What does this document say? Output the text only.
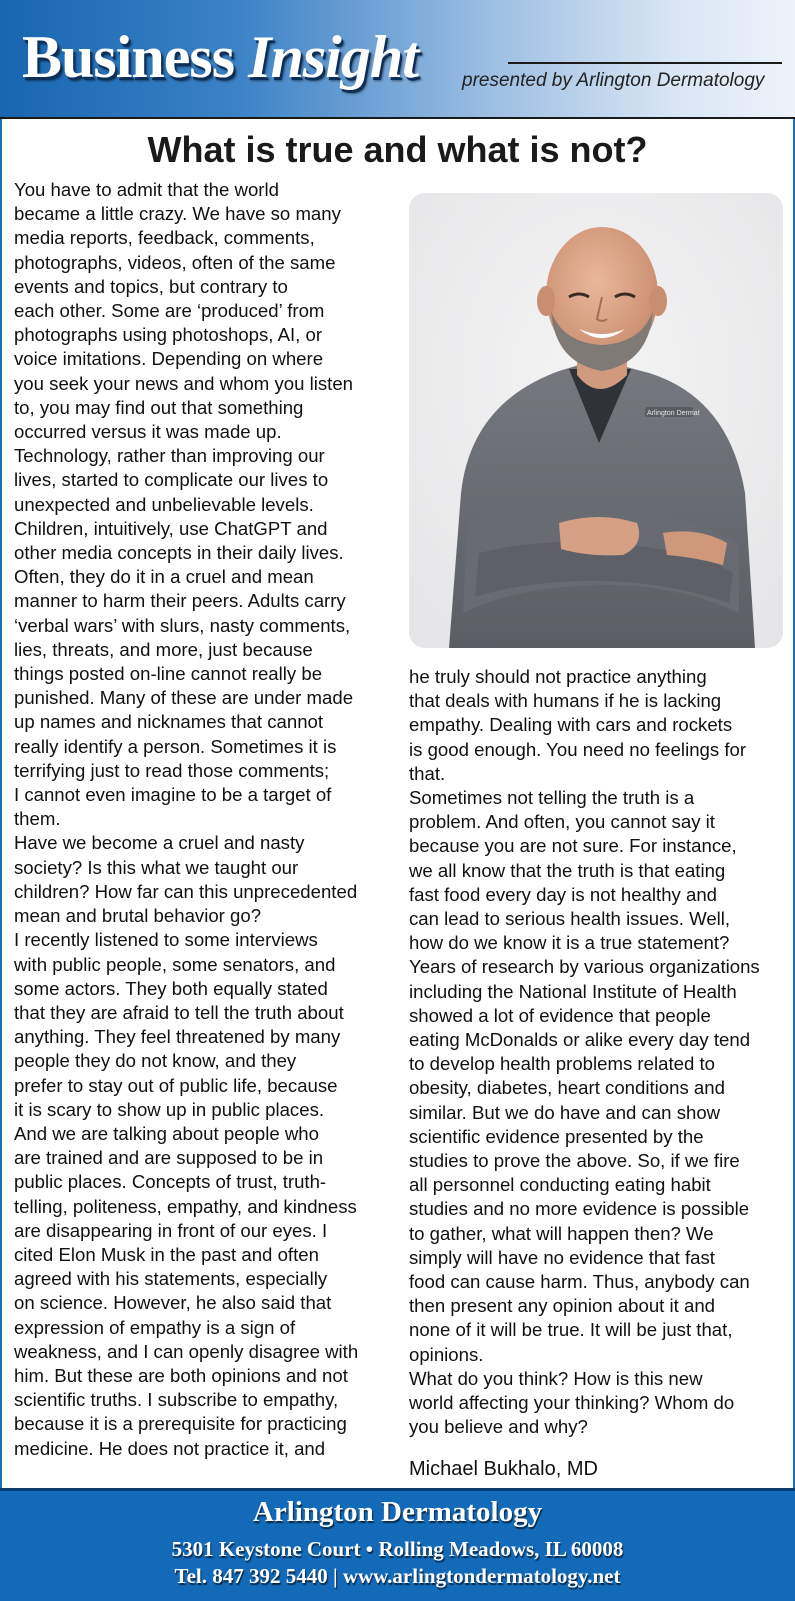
Business Insight presented by Arlington Dermatology
What is true and what is not?
You have to admit that the world
became a little crazy. We have so many
media reports, feedback, comments,
photographs, videos, often of the same
events and topics, but contrary to
each other. Some are ‘produced’ from
photographs using photoshops, AI, or
voice imitations. Depending on where
you seek your news and whom you listen
to, you may find out that something
occurred versus it was made up.
Technology, rather than improving our
lives, started to complicate our lives to
unexpected and unbelievable levels.
Children, intuitively, use ChatGPT and
other media concepts in their daily lives.
Often, they do it in a cruel and mean
manner to harm their peers. Adults carry
‘verbal wars’ with slurs, nasty comments,
lies, threats, and more, just because
things posted on-line cannot really be
punished. Many of these are under made
up names and nicknames that cannot
really identify a person. Sometimes it is
terrifying just to read those comments;
I cannot even imagine to be a target of
them.
Have we become a cruel and nasty
society? Is this what we taught our
children? How far can this unprecedented
mean and brutal behavior go?
I recently listened to some interviews
with public people, some senators, and
some actors. They both equally stated
that they are afraid to tell the truth about
anything. They feel threatened by many
people they do not know, and they
prefer to stay out of public life, because
it is scary to show up in public places.
And we are talking about people who
are trained and are supposed to be in
public places. Concepts of trust, truth-
telling, politeness, empathy, and kindness
are disappearing in front of our eyes. I
cited Elon Musk in the past and often
agreed with his statements, especially
on science. However, he also said that
expression of empathy is a sign of
weakness, and I can openly disagree with
him. But these are both opinions and not
scientific truths. I subscribe to empathy,
because it is a prerequisite for practicing
medicine. He does not practice it, and
Arlington Dermat
he truly should not practice anything
that deals with humans if he is lacking
empathy. Dealing with cars and rockets
is good enough. You need no feelings for
that.
Sometimes not telling the truth is a
problem. And often, you cannot say it
because you are not sure. For instance,
we all know that the truth is that eating
fast food every day is not healthy and
can lead to serious health issues. Well,
how do we know it is a true statement?
Years of research by various organizations
including the National Institute of Health
showed a lot of evidence that people
eating McDonalds or alike every day tend
to develop health problems related to
obesity, diabetes, heart conditions and
similar. But we do have and can show
scientific evidence presented by the
studies to prove the above. So, if we fire
all personnel conducting eating habit
studies and no more evidence is possible
to gather, what will happen then? We
simply will have no evidence that fast
food can cause harm. Thus, anybody can
then present any opinion about it and
none of it will be true. It will be just that,
opinions.
What do you think? How is this new
world affecting your thinking? Whom do
you believe and why?
Michael Bukhalo, MD
Arlington Dermatology
5301 Keystone Court • Rolling Meadows, IL 60008
Tel. 847 392 5440 | www.arlingtondermatology.net
